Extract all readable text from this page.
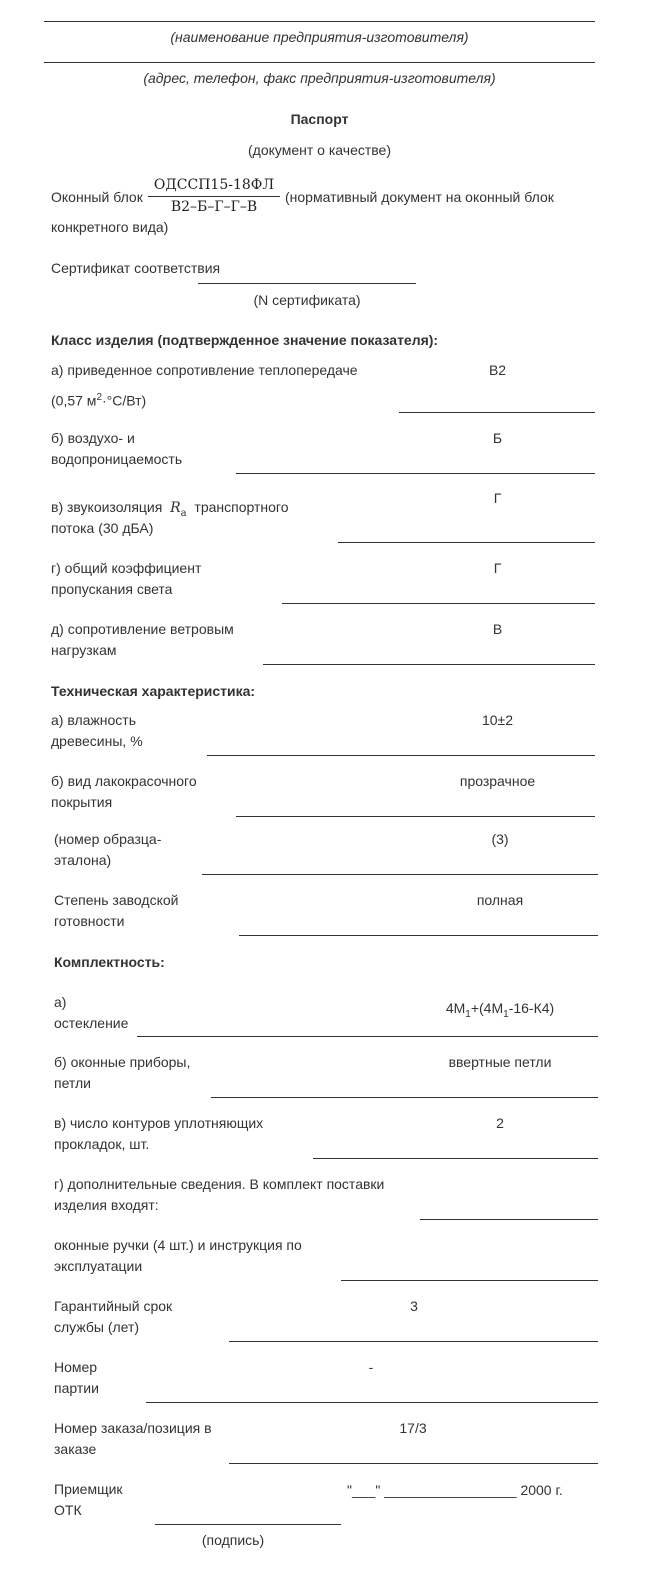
(наименование предприятия-изготовителя)
(адрес, телефон, факс предприятия-изготовителя)
Паспорт
(документ о качестве)
Оконный блок
ОДССП15-18ФЛ
В2–Б–Г–Г–В
(нормативный документ на оконный блок
конкретного вида)
Сертификат соответствия
(N сертификата)
Класс изделия (подтвержденное значение показателя):
а) приведенное сопротивление теплопередаче
(0,57 $м^2\cdot^\circ С/Вт$)
В2
б) воздухо- и
водопроницаемость
Б
в) звукоизоляция $R_а$ транспортного
потока (30 дБА)
Г
г) общий коэффициент
пропускания света
Г
д) сопротивление ветровым
нагрузкам
В
Техническая характеристика:
а) влажность
древесины, %
10±2
б) вид лакокрасочного
покрытия
прозрачное
(номер образца-
эталона)
(3)
Степень заводской
готовности
полная
Комплектность:
а)
остекление
$4М_1+(4М_1-16-К4)$
б) оконные приборы,
петли
ввертные петли
в) число контуров уплотняющих
прокладок, шт.
2
г) дополнительные сведения. В комплект поставки
изделия входят:
оконные ручки (4 шт.) и инструкция по
эксплуатации
Гарантийный срок
службы (лет)
3
Номер
партии
-
Номер заказа/позиция в
заказе
17/3
Приемщик
ОТК
"___" _________________ 2000 г.
(подпись)
